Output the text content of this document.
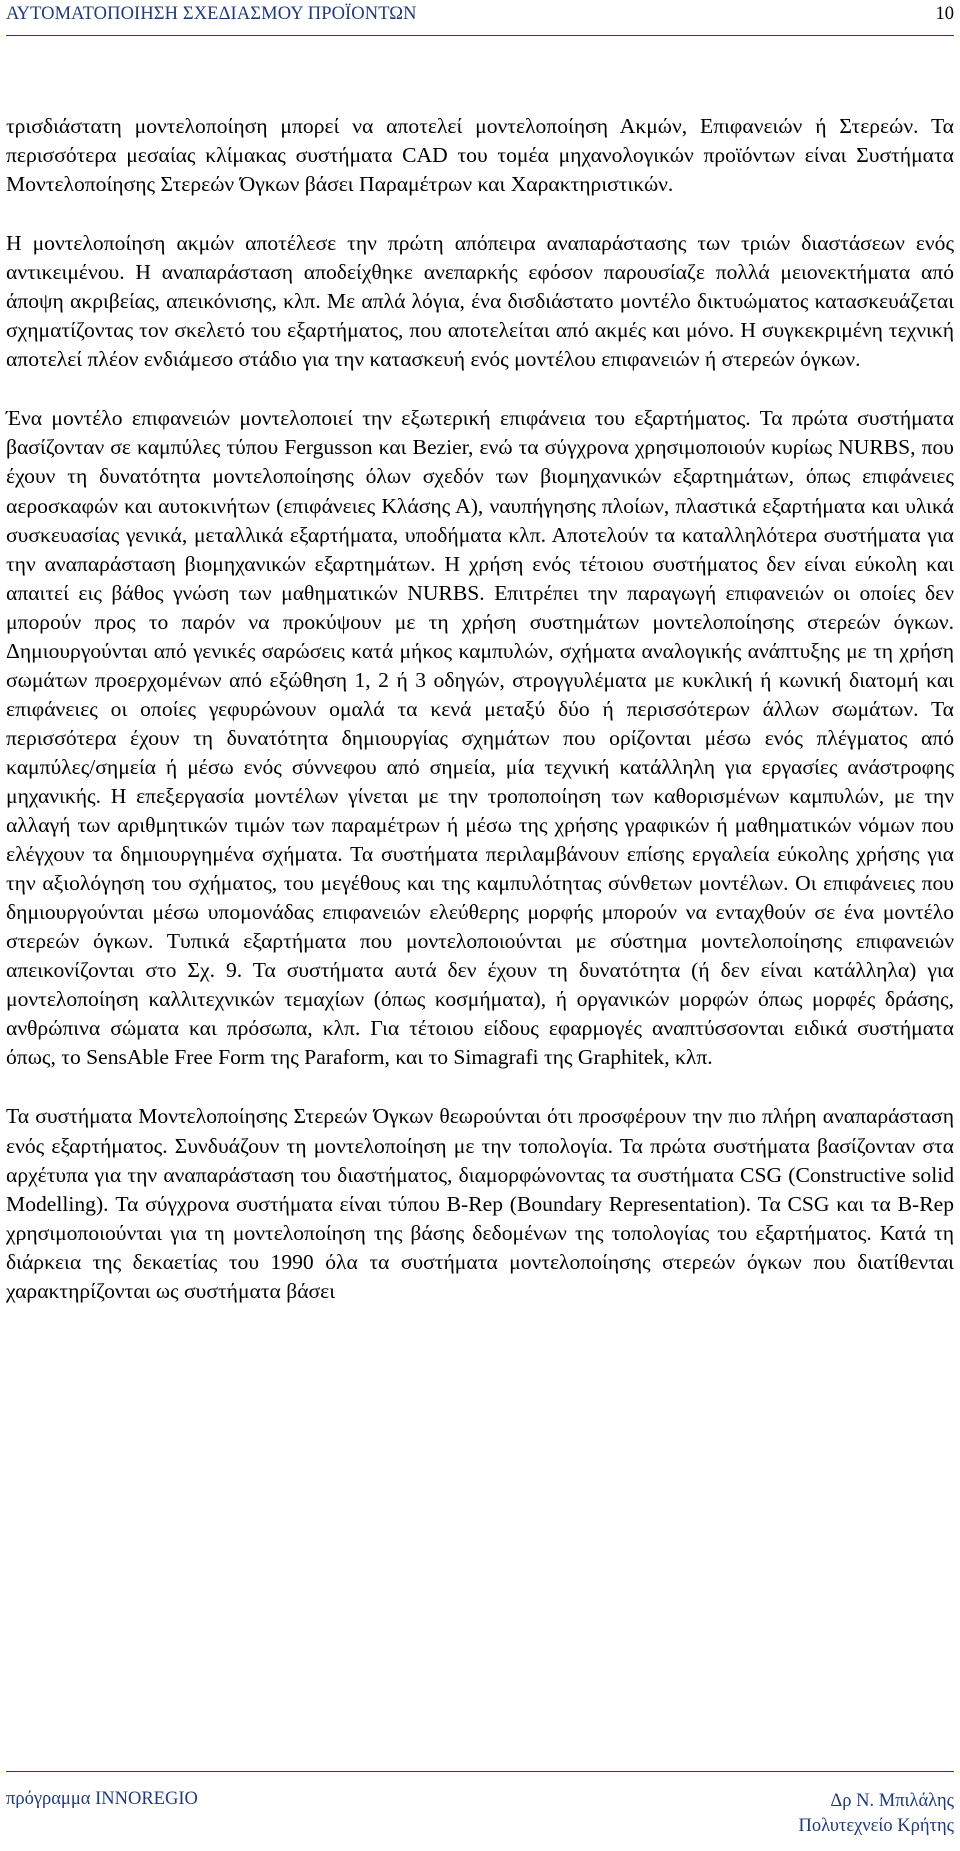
ΑΥΤΟΜΑΤΟΠΟΙΗΣΗ ΣΧΕΔΙΑΣΜΟΥ ΠΡΟΪΟΝΤΩΝ	10

τρισδιάστατη μοντελοποίηση μπορεί να αποτελεί μοντελοποίηση Ακμών, Επιφανειών ή Στερεών. Τα περισσότερα μεσαίας κλίμακας συστήματα CAD του τομέα μηχανολογικών προϊόντων είναι Συστήματα Μοντελοποίησης Στερεών Όγκων βάσει Παραμέτρων και Χαρακτηριστικών.

Η μοντελοποίηση ακμών αποτέλεσε την πρώτη απόπειρα αναπαράστασης των τριών διαστάσεων ενός αντικειμένου. Η αναπαράσταση αποδείχθηκε ανεπαρκής εφόσον παρουσίαζε πολλά μειονεκτήματα από άποψη ακριβείας, απεικόνισης, κλπ. Με απλά λόγια, ένα δισδιάστατο μοντέλο δικτυώματος κατασκευάζεται σχηματίζοντας τον σκελετό του εξαρτήματος, που αποτελείται από ακμές και μόνο. Η συγκεκριμένη τεχνική αποτελεί πλέον ενδιάμεσο στάδιο για την κατασκευή ενός μοντέλου επιφανειών ή στερεών όγκων.

Ένα μοντέλο επιφανειών μοντελοποιεί την εξωτερική επιφάνεια του εξαρτήματος. Τα πρώτα συστήματα βασίζονταν σε καμπύλες τύπου Fergusson και Bezier, ενώ τα σύγχρονα χρησιμοποιούν κυρίως NURBS, που έχουν τη δυνατότητα μοντελοποίησης όλων σχεδόν των βιομηχανικών εξαρτημάτων, όπως επιφάνειες αεροσκαφών και αυτοκινήτων (επιφάνειες Κλάσης Α), ναυπήγησης πλοίων, πλαστικά εξαρτήματα και υλικά συσκευασίας γενικά, μεταλλικά εξαρτήματα, υποδήματα κλπ. Αποτελούν τα καταλληλότερα συστήματα για την αναπαράσταση βιομηχανικών εξαρτημάτων. Η χρήση ενός τέτοιου συστήματος δεν είναι εύκολη και απαιτεί εις βάθος γνώση των μαθηματικών NURBS. Επιτρέπει την παραγωγή επιφανειών οι οποίες δεν μπορούν προς το παρόν να προκύψουν με τη χρήση συστημάτων μοντελοποίησης στερεών όγκων. Δημιουργούνται από γενικές σαρώσεις κατά μήκος καμπυλών, σχήματα αναλογικής ανάπτυξης με τη χρήση σωμάτων προερχομένων από εξώθηση 1, 2 ή 3 οδηγών, στρογγυλέματα με κυκλική ή κωνική διατομή και επιφάνειες οι οποίες γεφυρώνουν ομαλά τα κενά μεταξύ δύο ή περισσότερων άλλων σωμάτων. Τα περισσότερα έχουν τη δυνατότητα δημιουργίας σχημάτων που ορίζονται μέσω ενός πλέγματος από καμπύλες/σημεία ή μέσω ενός σύννεφου από σημεία, μία τεχνική κατάλληλη για εργασίες ανάστροφης μηχανικής. Η επεξεργασία μοντέλων γίνεται με την τροποποίηση των καθορισμένων καμπυλών, με την αλλαγή των αριθμητικών τιμών των παραμέτρων ή μέσω της χρήσης γραφικών ή μαθηματικών νόμων που ελέγχουν τα δημιουργημένα σχήματα. Τα συστήματα περιλαμβάνουν επίσης εργαλεία εύκολης χρήσης για την αξιολόγηση του σχήματος, του μεγέθους και της καμπυλότητας σύνθετων μοντέλων. Οι επιφάνειες που δημιουργούνται μέσω υπομονάδας επιφανειών ελεύθερης μορφής μπορούν να ενταχθούν σε ένα μοντέλο στερεών όγκων. Τυπικά εξαρτήματα που μοντελοποιούνται με σύστημα μοντελοποίησης επιφανειών απεικονίζονται στο Σχ. 9. Τα συστήματα αυτά δεν έχουν τη δυνατότητα (ή δεν είναι κατάλληλα) για μοντελοποίηση καλλιτεχνικών τεμαχίων (όπως κοσμήματα), ή οργανικών μορφών όπως μορφές δράσης, ανθρώπινα σώματα και πρόσωπα, κλπ. Για τέτοιου είδους εφαρμογές αναπτύσσονται ειδικά συστήματα όπως, το SensAble Free Form της Paraform, και το Simagrafi της Graphitek, κλπ.

Τα συστήματα Μοντελοποίησης Στερεών Όγκων θεωρούνται ότι προσφέρουν την πιο πλήρη αναπαράσταση ενός εξαρτήματος. Συνδυάζουν τη μοντελοποίηση με την τοπολογία. Τα πρώτα συστήματα βασίζονταν στα αρχέτυπα για την αναπαράσταση του διαστήματος, διαμορφώνοντας τα συστήματα CSG (Constructive solid Modelling). Τα σύγχρονα συστήματα είναι τύπου B-Rep (Boundary Representation). Τα CSG και τα B-Rep χρησιμοποιούνται για τη μοντελοποίηση της βάσης δεδομένων της τοπολογίας του εξαρτήματος. Κατά τη διάρκεια της δεκαετίας του 1990 όλα τα συστήματα μοντελοποίησης στερεών όγκων που διατίθενται χαρακτηρίζονται ως συστήματα βάσει

πρόγραμμα INNOREGIO	Δρ Ν. Μπιλάλης
Πολυτεχνείο Κρήτης
